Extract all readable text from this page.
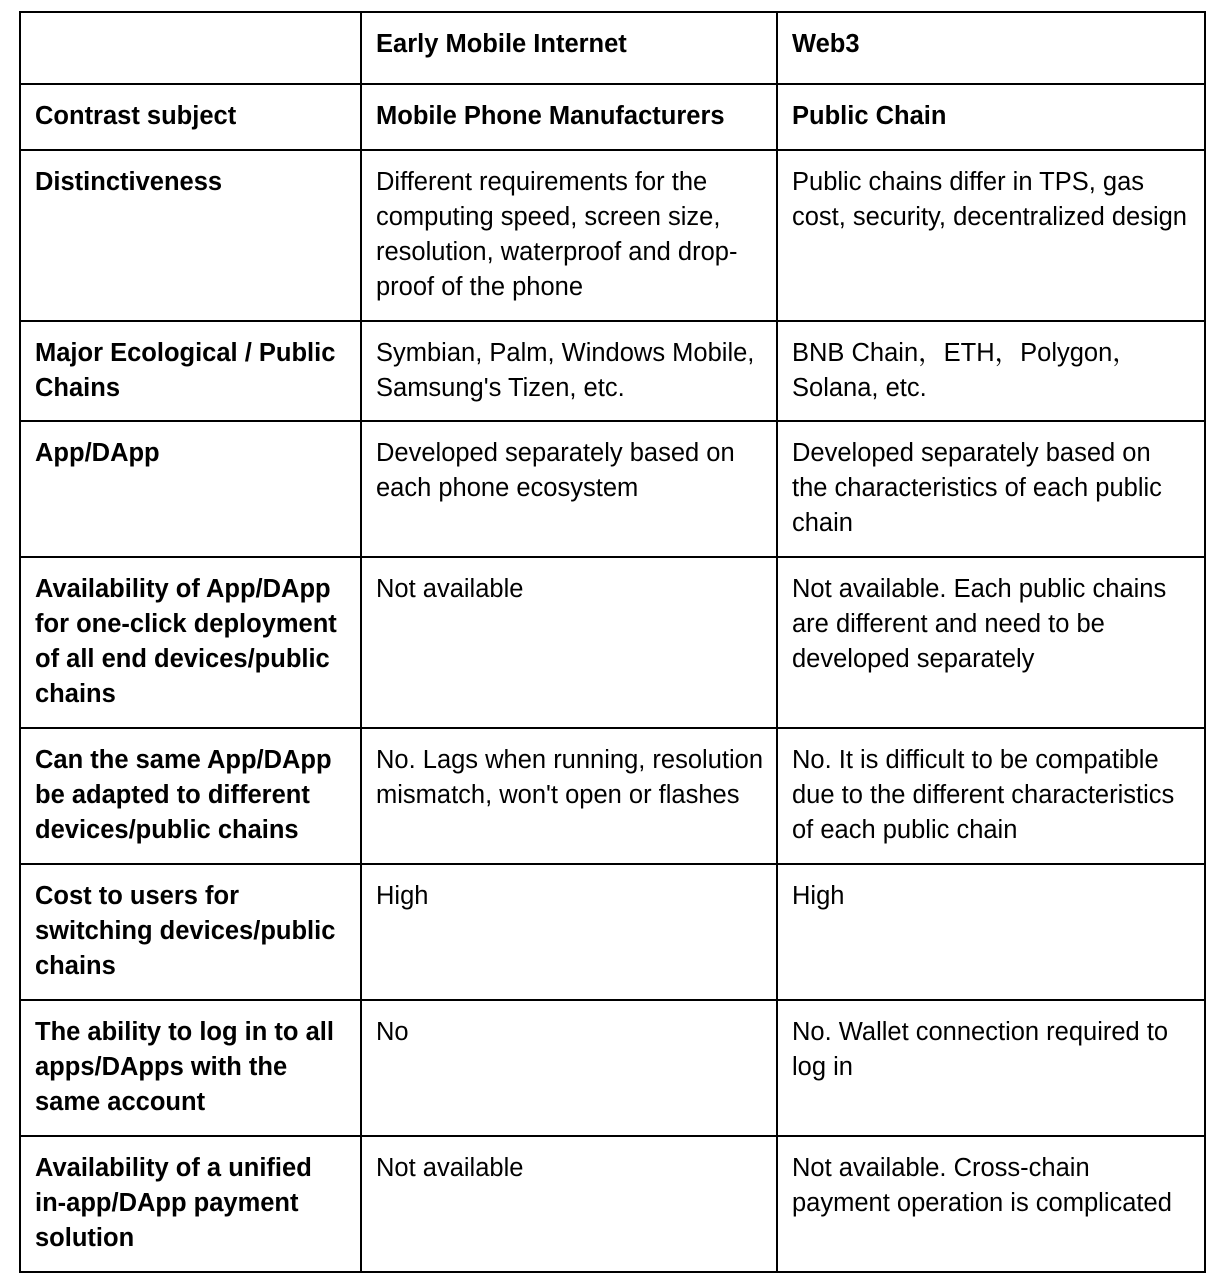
	Early Mobile Internet	Web3
Contrast subject	Mobile Phone Manufacturers	Public Chain
Distinctiveness	Different requirements for the computing speed, screen size, resolution, waterproof and drop-proof of the phone	Public chains differ in TPS, gas cost, security, decentralized design
Major Ecological / Public Chains	Symbian, Palm, Windows Mobile, Samsung's Tizen, etc.	BNB Chain，ETH，Polygon，Solana, etc.
App/DApp	Developed separately based on each phone ecosystem	Developed separately based on the characteristics of each public chain
Availability of App/DApp for one-click deployment of all end devices/public chains	Not available	Not available. Each public chains are different and need to be developed separately
Can the same App/DApp be adapted to different devices/public chains	No. Lags when running, resolution mismatch, won't open or flashes	No. It is difficult to be compatible due to the different characteristics of each public chain
Cost to users for switching devices/public chains	High	High
The ability to log in to all apps/DApps with the same account	No	No. Wallet connection required to log in
Availability of a unified in-app/DApp payment solution	Not available	Not available. Cross-chain payment operation is complicated
